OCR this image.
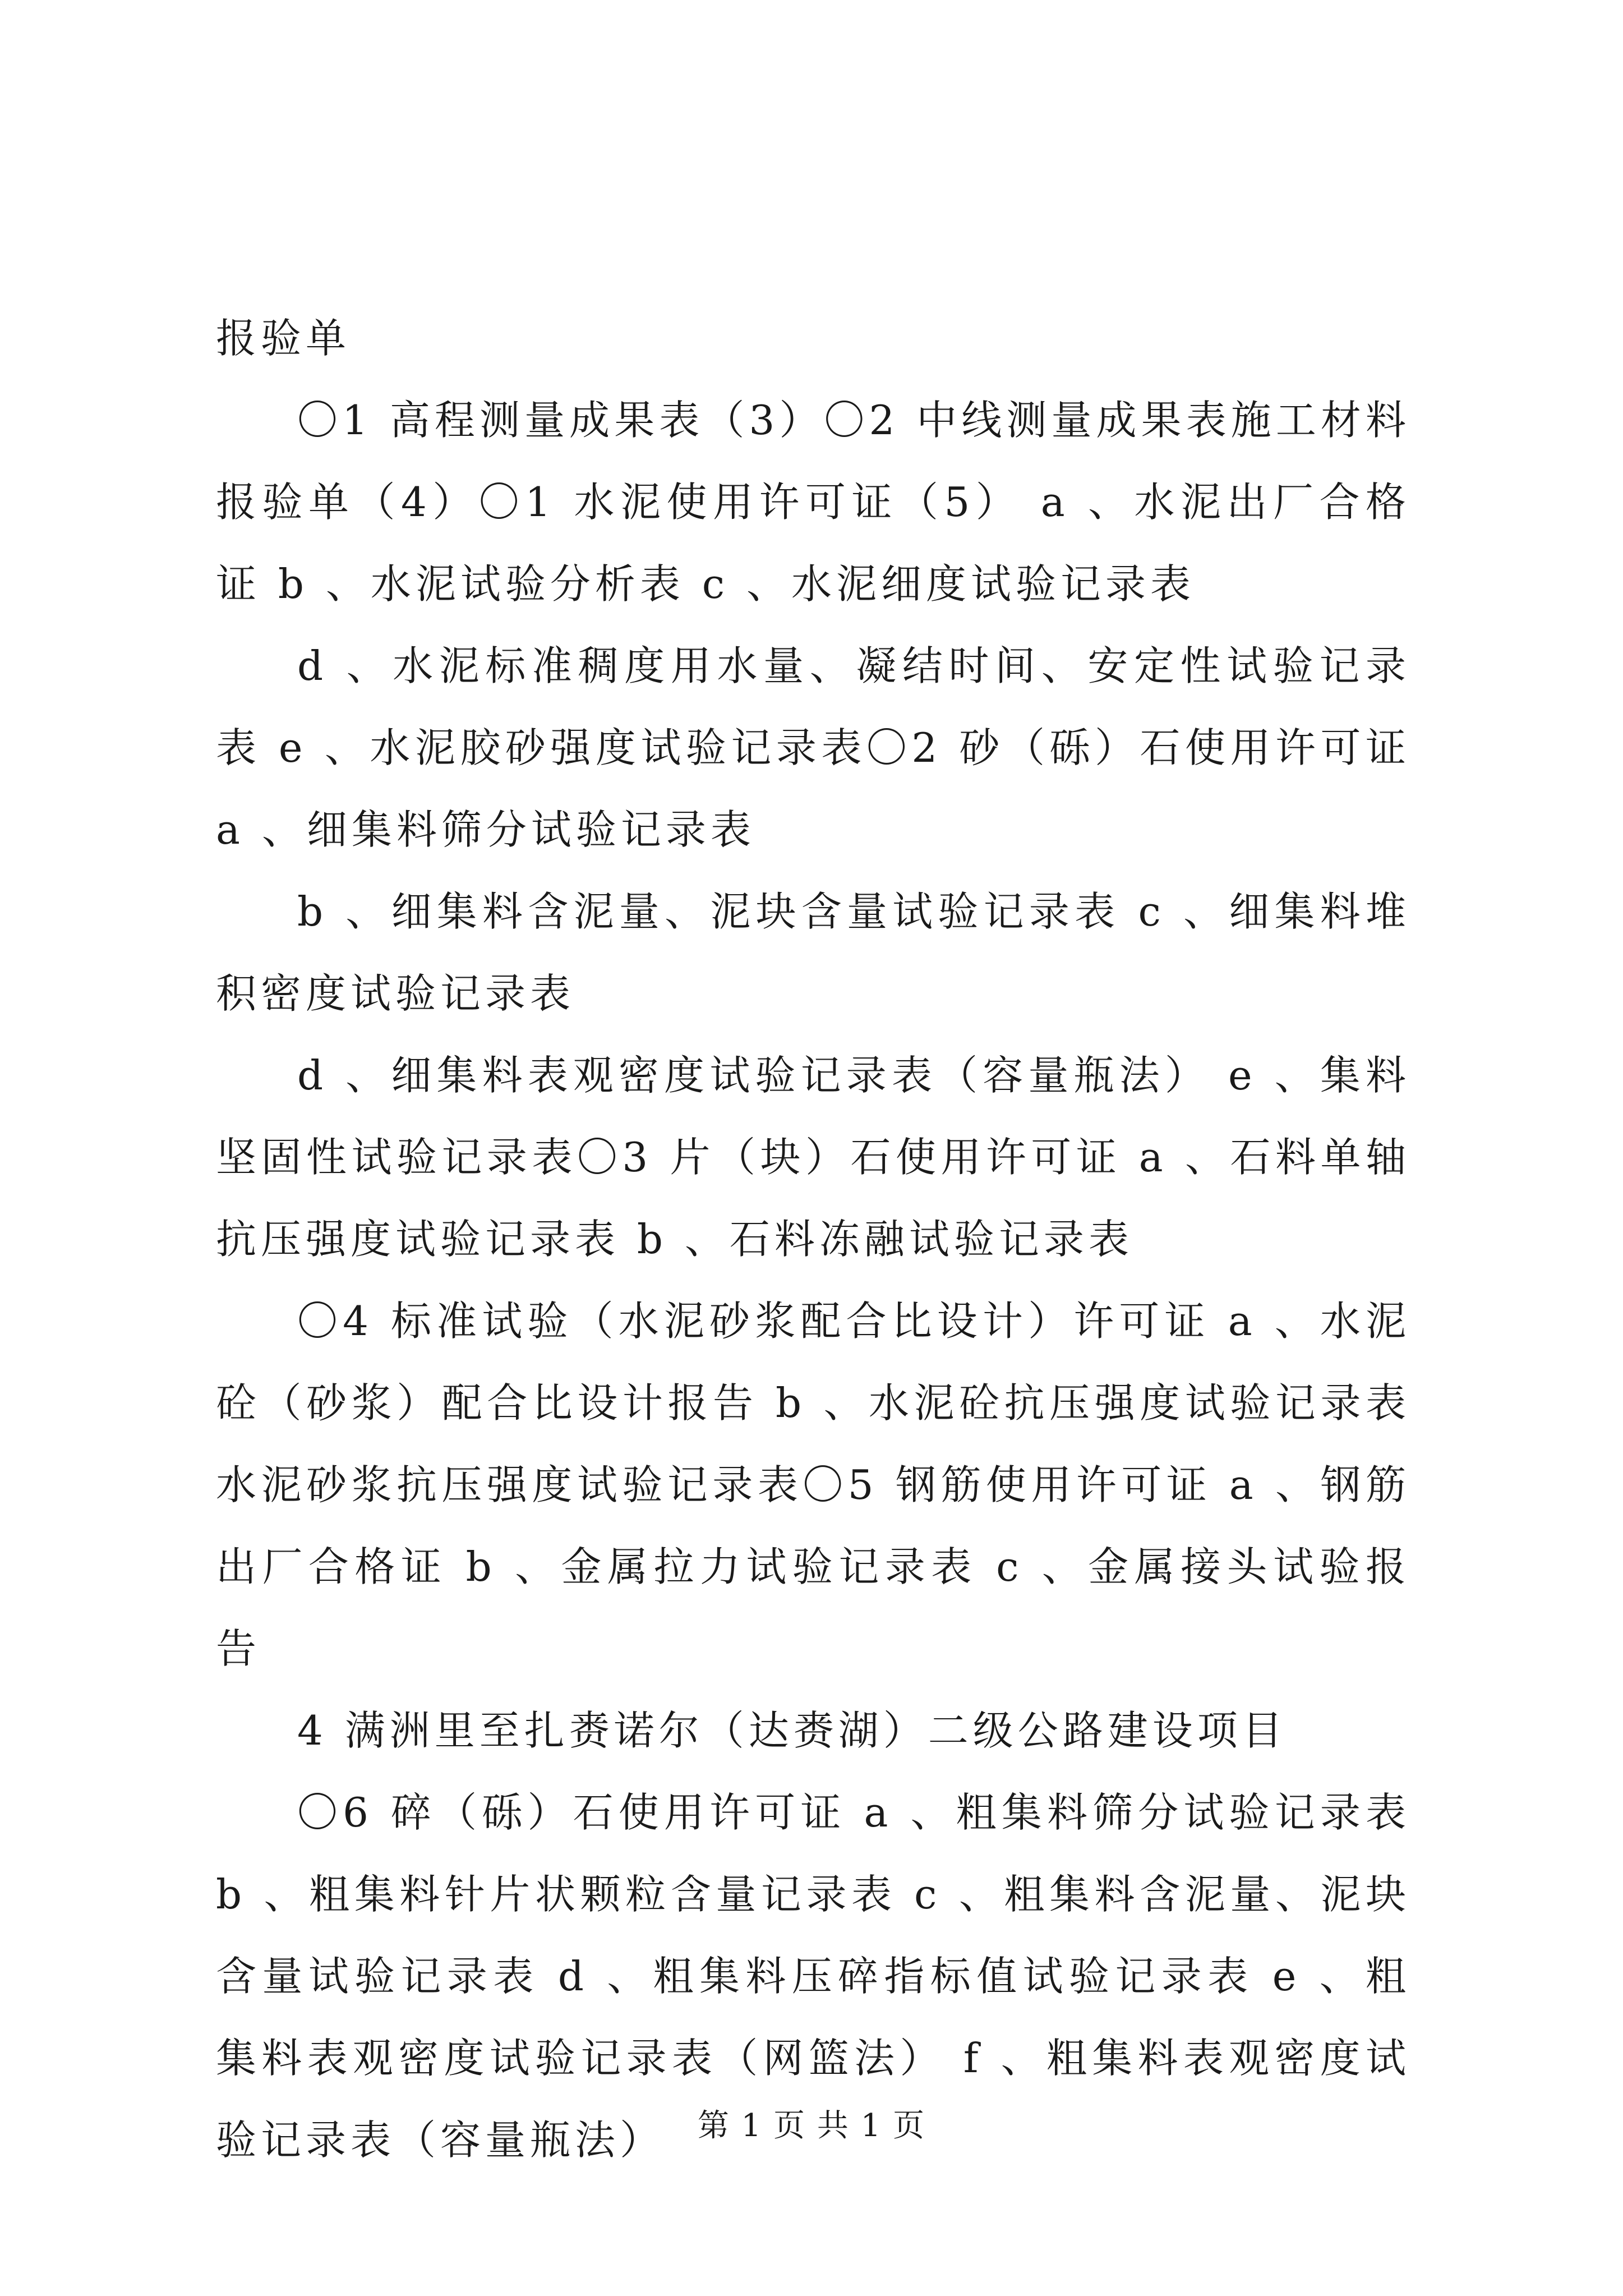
报验单

〇1 高程测量成果表（3）〇2 中线测量成果表施工材料报验单（4）〇1 水泥使用许可证（5） a 、水泥出厂合格证 b 、水泥试验分析表 c 、水泥细度试验记录表

d 、水泥标准稠度用水量、凝结时间、安定性试验记录表 e 、水泥胶砂强度试验记录表〇2 砂（砾）石使用许可证 a 、细集料筛分试验记录表

b 、细集料含泥量、泥块含量试验记录表 c 、细集料堆积密度试验记录表

d 、细集料表观密度试验记录表（容量瓶法） e 、集料坚固性试验记录表〇3 片（块）石使用许可证 a 、石料单轴抗压强度试验记录表 b 、石料冻融试验记录表

〇4 标准试验（水泥砂浆配合比设计）许可证 a 、水泥砼（砂浆）配合比设计报告 b 、水泥砼抗压强度试验记录表水泥砂浆抗压强度试验记录表〇5 钢筋使用许可证 a 、钢筋出厂合格证 b 、金属拉力试验记录表 c 、金属接头试验报告

4 满洲里至扎赉诺尔（达赉湖）二级公路建设项目

〇6 碎（砾）石使用许可证 a 、粗集料筛分试验记录表 b 、粗集料针片状颗粒含量记录表 c 、粗集料含泥量、泥块含量试验记录表 d 、粗集料压碎指标值试验记录表 e 、粗集料表观密度试验记录表（网篮法） f 、粗集料表观密度试验记录表（容量瓶法）	第 1 页 共 1 页
